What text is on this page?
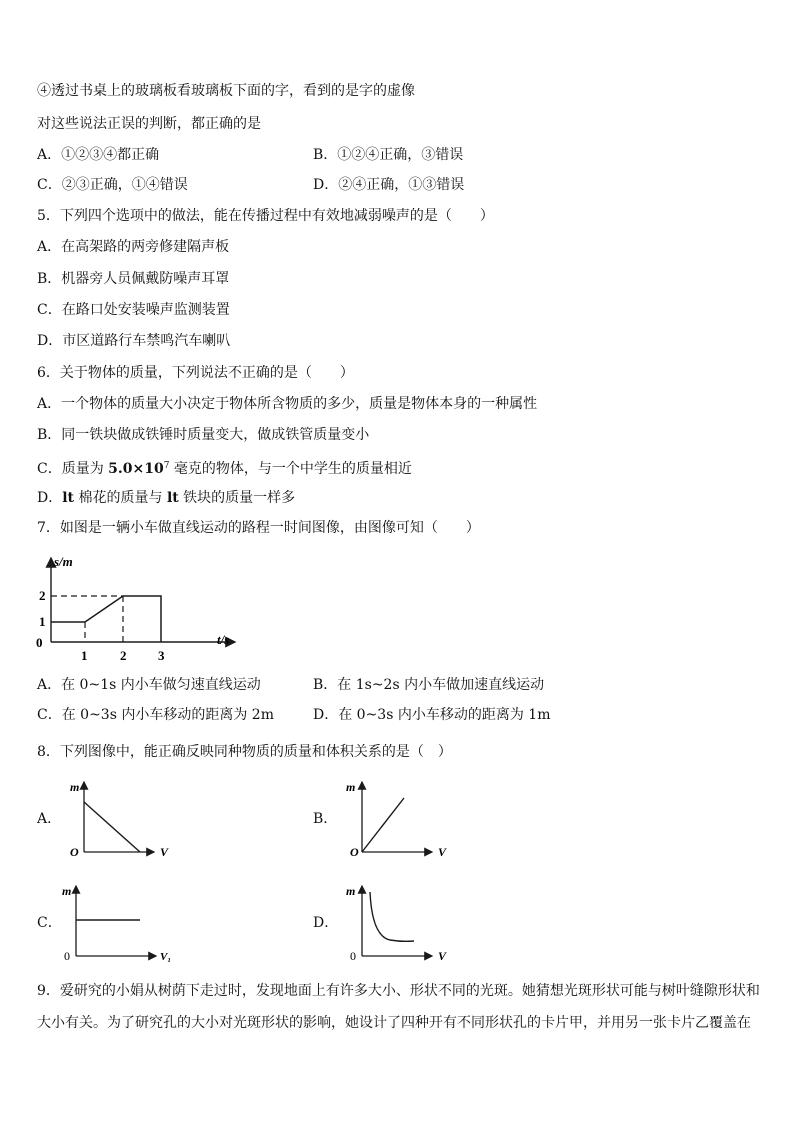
④透过书桌上的玻璃板看玻璃板下面的字，看到的是字的虚像
对这些说法正误的判断，都正确的是
A．①②③④都正确	B．①②④正确，③错误
C．②③正确，①④错误	D．②④正确，①③错误
5．下列四个选项中的做法，能在传播过程中有效地减弱噪声的是（　　）
A．在高架路的两旁修建隔声板
B．机器旁人员佩戴防噪声耳罩
C．在路口处安装噪声监测装置
D．市区道路行车禁鸣汽车喇叭
6．关于物体的质量，下列说法不正确的是（　　）
A．一个物体的质量大小决定于物体所含物质的多少，质量是物体本身的一种属性
B．同一铁块做成铁锤时质量变大，做成铁管质量变小
C．质量为 $5.0\times 10^7$ 毫克的物体，与一个中学生的质量相近
D．lt 棉花的质量与 lt 铁块的质量一样多
7．如图是一辆小车做直线运动的路程一时间图像，由图像可知（　　）
s/m
t/s
0
1
2
1	2 3
A．在 0~1s 内小车做匀速直线运动	B．在 1s~2s 内小车做加速直线运动
C．在 0~3s 内小车移动的距离为 2m	D．在 0~3s 内小车移动的距离为 1m
8．下列图像中，能正确反映同种物质的质量和体积关系的是（　）
A．	B．
C．	D．
m
V
O
m
V
O
m
V₁
0
m
V
0
9．爱研究的小娟从树荫下走过时，发现地面上有许多大小、形状不同的光斑。她猜想光斑形状可能与树叶缝隙形状和
大小有关。为了研究孔的大小对光斑形状的影响，她设计了四种开有不同形状孔的卡片甲，并用另一张卡片乙覆盖在
